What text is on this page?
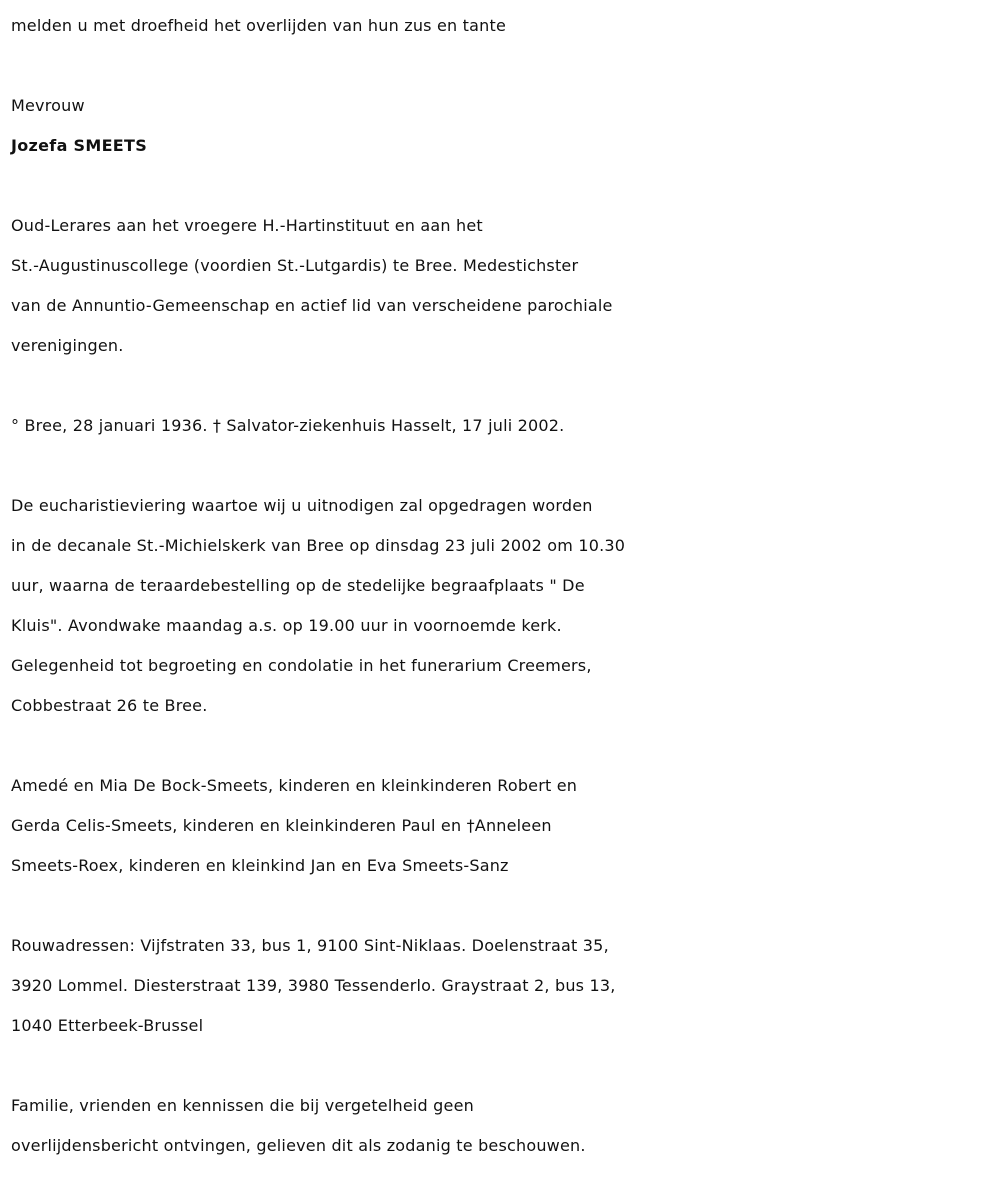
melden u met droefheid het overlijden van hun zus en tante
Mevrouw
Jozefa SMEETS
Oud-Lerares aan het vroegere H.-Hartinstituut en aan het
St.-Augustinuscollege (voordien St.-Lutgardis) te Bree. Medestichster
van de Annuntio-Gemeenschap en actief lid van verscheidene parochiale
verenigingen.
° Bree, 28 januari 1936. † Salvator-ziekenhuis Hasselt, 17 juli 2002.
De eucharistieviering waartoe wij u uitnodigen zal opgedragen worden
in de decanale St.-Michielskerk van Bree op dinsdag 23 juli 2002 om 10.30
uur, waarna de teraardebestelling op de stedelijke begraafplaats " De
Kluis". Avondwake maandag a.s. op 19.00 uur in voornoemde kerk.
Gelegenheid tot begroeting en condolatie in het funerarium Creemers,
Cobbestraat 26 te Bree.
Amedé en Mia De Bock-Smeets, kinderen en kleinkinderen Robert en
Gerda Celis-Smeets, kinderen en kleinkinderen Paul en †Anneleen
Smeets-Roex, kinderen en kleinkind Jan en Eva Smeets-Sanz
Rouwadressen: Vijfstraten 33, bus 1, 9100 Sint-Niklaas. Doelenstraat 35,
3920 Lommel. Diesterstraat 139, 3980 Tessenderlo. Graystraat 2, bus 13,
1040 Etterbeek-Brussel
Familie, vrienden en kennissen die bij vergetelheid geen
overlijdensbericht ontvingen, gelieven dit als zodanig te beschouwen.
